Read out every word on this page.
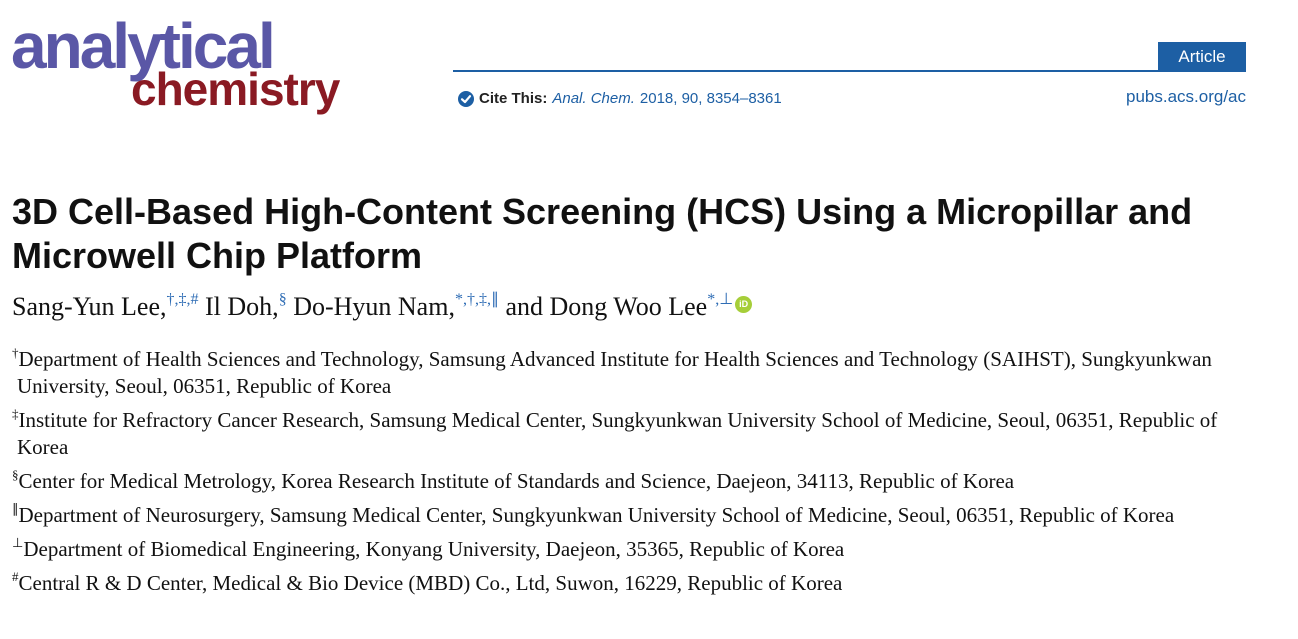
analytical
chemistry
Article
Cite This: Anal. Chem. 2018, 90, 8354–8361	pubs.acs.org/ac
3D Cell-Based High-Content Screening (HCS) Using a Micropillar and Microwell Chip Platform
Sang-Yun Lee,†,‡,# Il Doh,§ Do-Hyun Nam,*,†,‡,∥ and Dong Woo Lee*,⊥ iD
†Department of Health Sciences and Technology, Samsung Advanced Institute for Health Sciences and Technology (SAIHST), Sungkyunkwan University, Seoul, 06351, Republic of Korea
‡Institute for Refractory Cancer Research, Samsung Medical Center, Sungkyunkwan University School of Medicine, Seoul, 06351, Republic of Korea
§Center for Medical Metrology, Korea Research Institute of Standards and Science, Daejeon, 34113, Republic of Korea
∥Department of Neurosurgery, Samsung Medical Center, Sungkyunkwan University School of Medicine, Seoul, 06351, Republic of Korea
⊥Department of Biomedical Engineering, Konyang University, Daejeon, 35365, Republic of Korea
#Central R & D Center, Medical & Bio Device (MBD) Co., Ltd, Suwon, 16229, Republic of Korea
